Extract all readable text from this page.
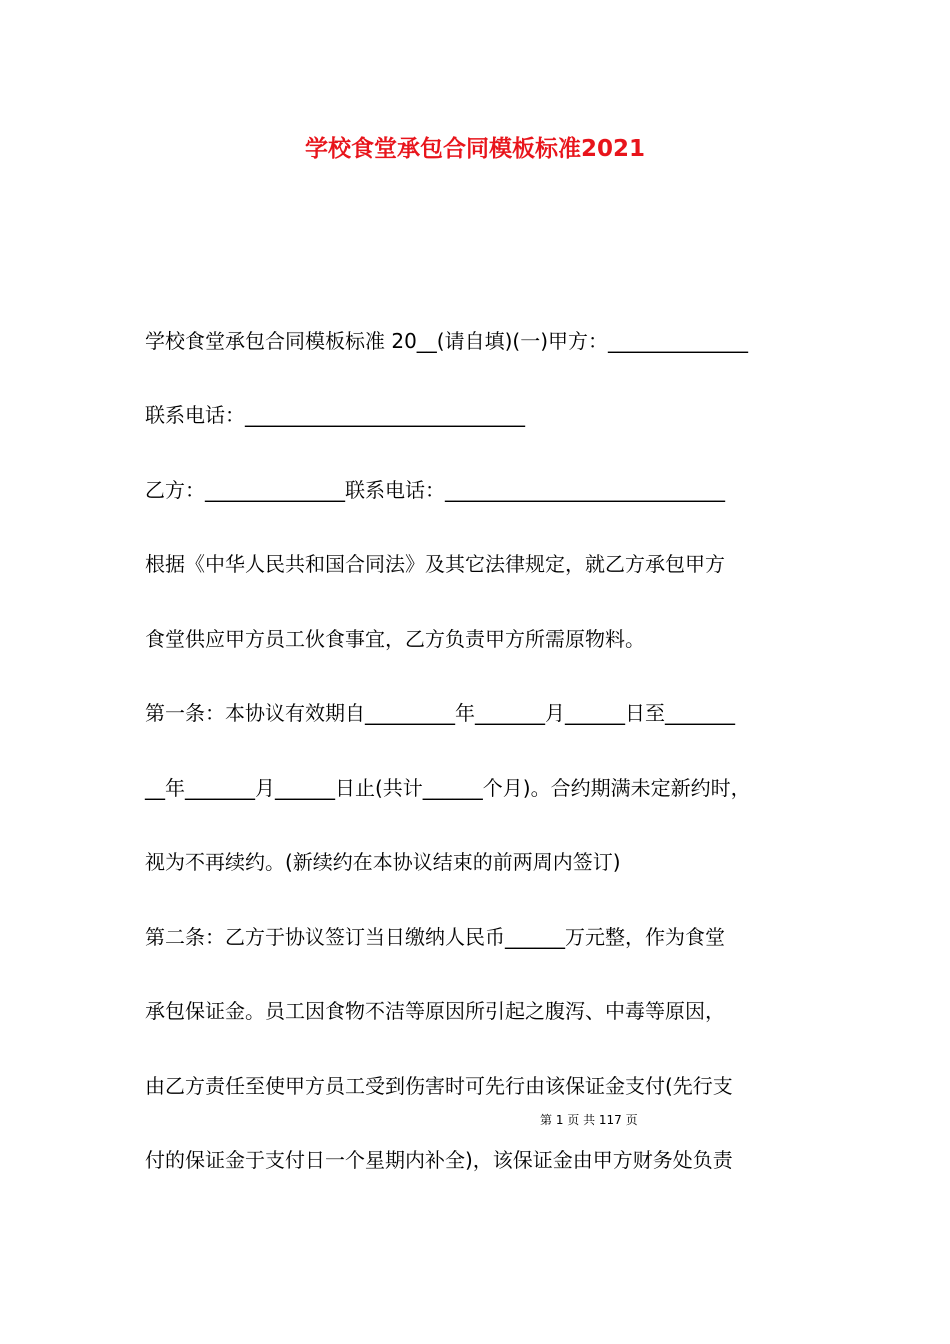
学校食堂承包合同模板标准2021
学校食堂承包合同模板标准 20__(请自填)(一)甲方：______________
联系电话：____________________________
乙方：______________联系电话：____________________________
根据《中华人民共和国合同法》及其它法律规定，就乙方承包甲方
食堂供应甲方员工伙食事宜，乙方负责甲方所需原物料。
第一条：本协议有效期自_________年_______月______日至_______
__年_______月______日止(共计______个月)。合约期满未定新约时，
视为不再续约。(新续约在本协议结束的前两周内签订)
第二条：乙方于协议签订当日缴纳人民币______万元整，作为食堂
承包保证金。员工因食物不洁等原因所引起之腹泻、中毒等原因，
由乙方责任至使甲方员工受到伤害时可先行由该保证金支付(先行支
第 1 页 共 117 页
付的保证金于支付日一个星期内补全)，该保证金由甲方财务处负责
